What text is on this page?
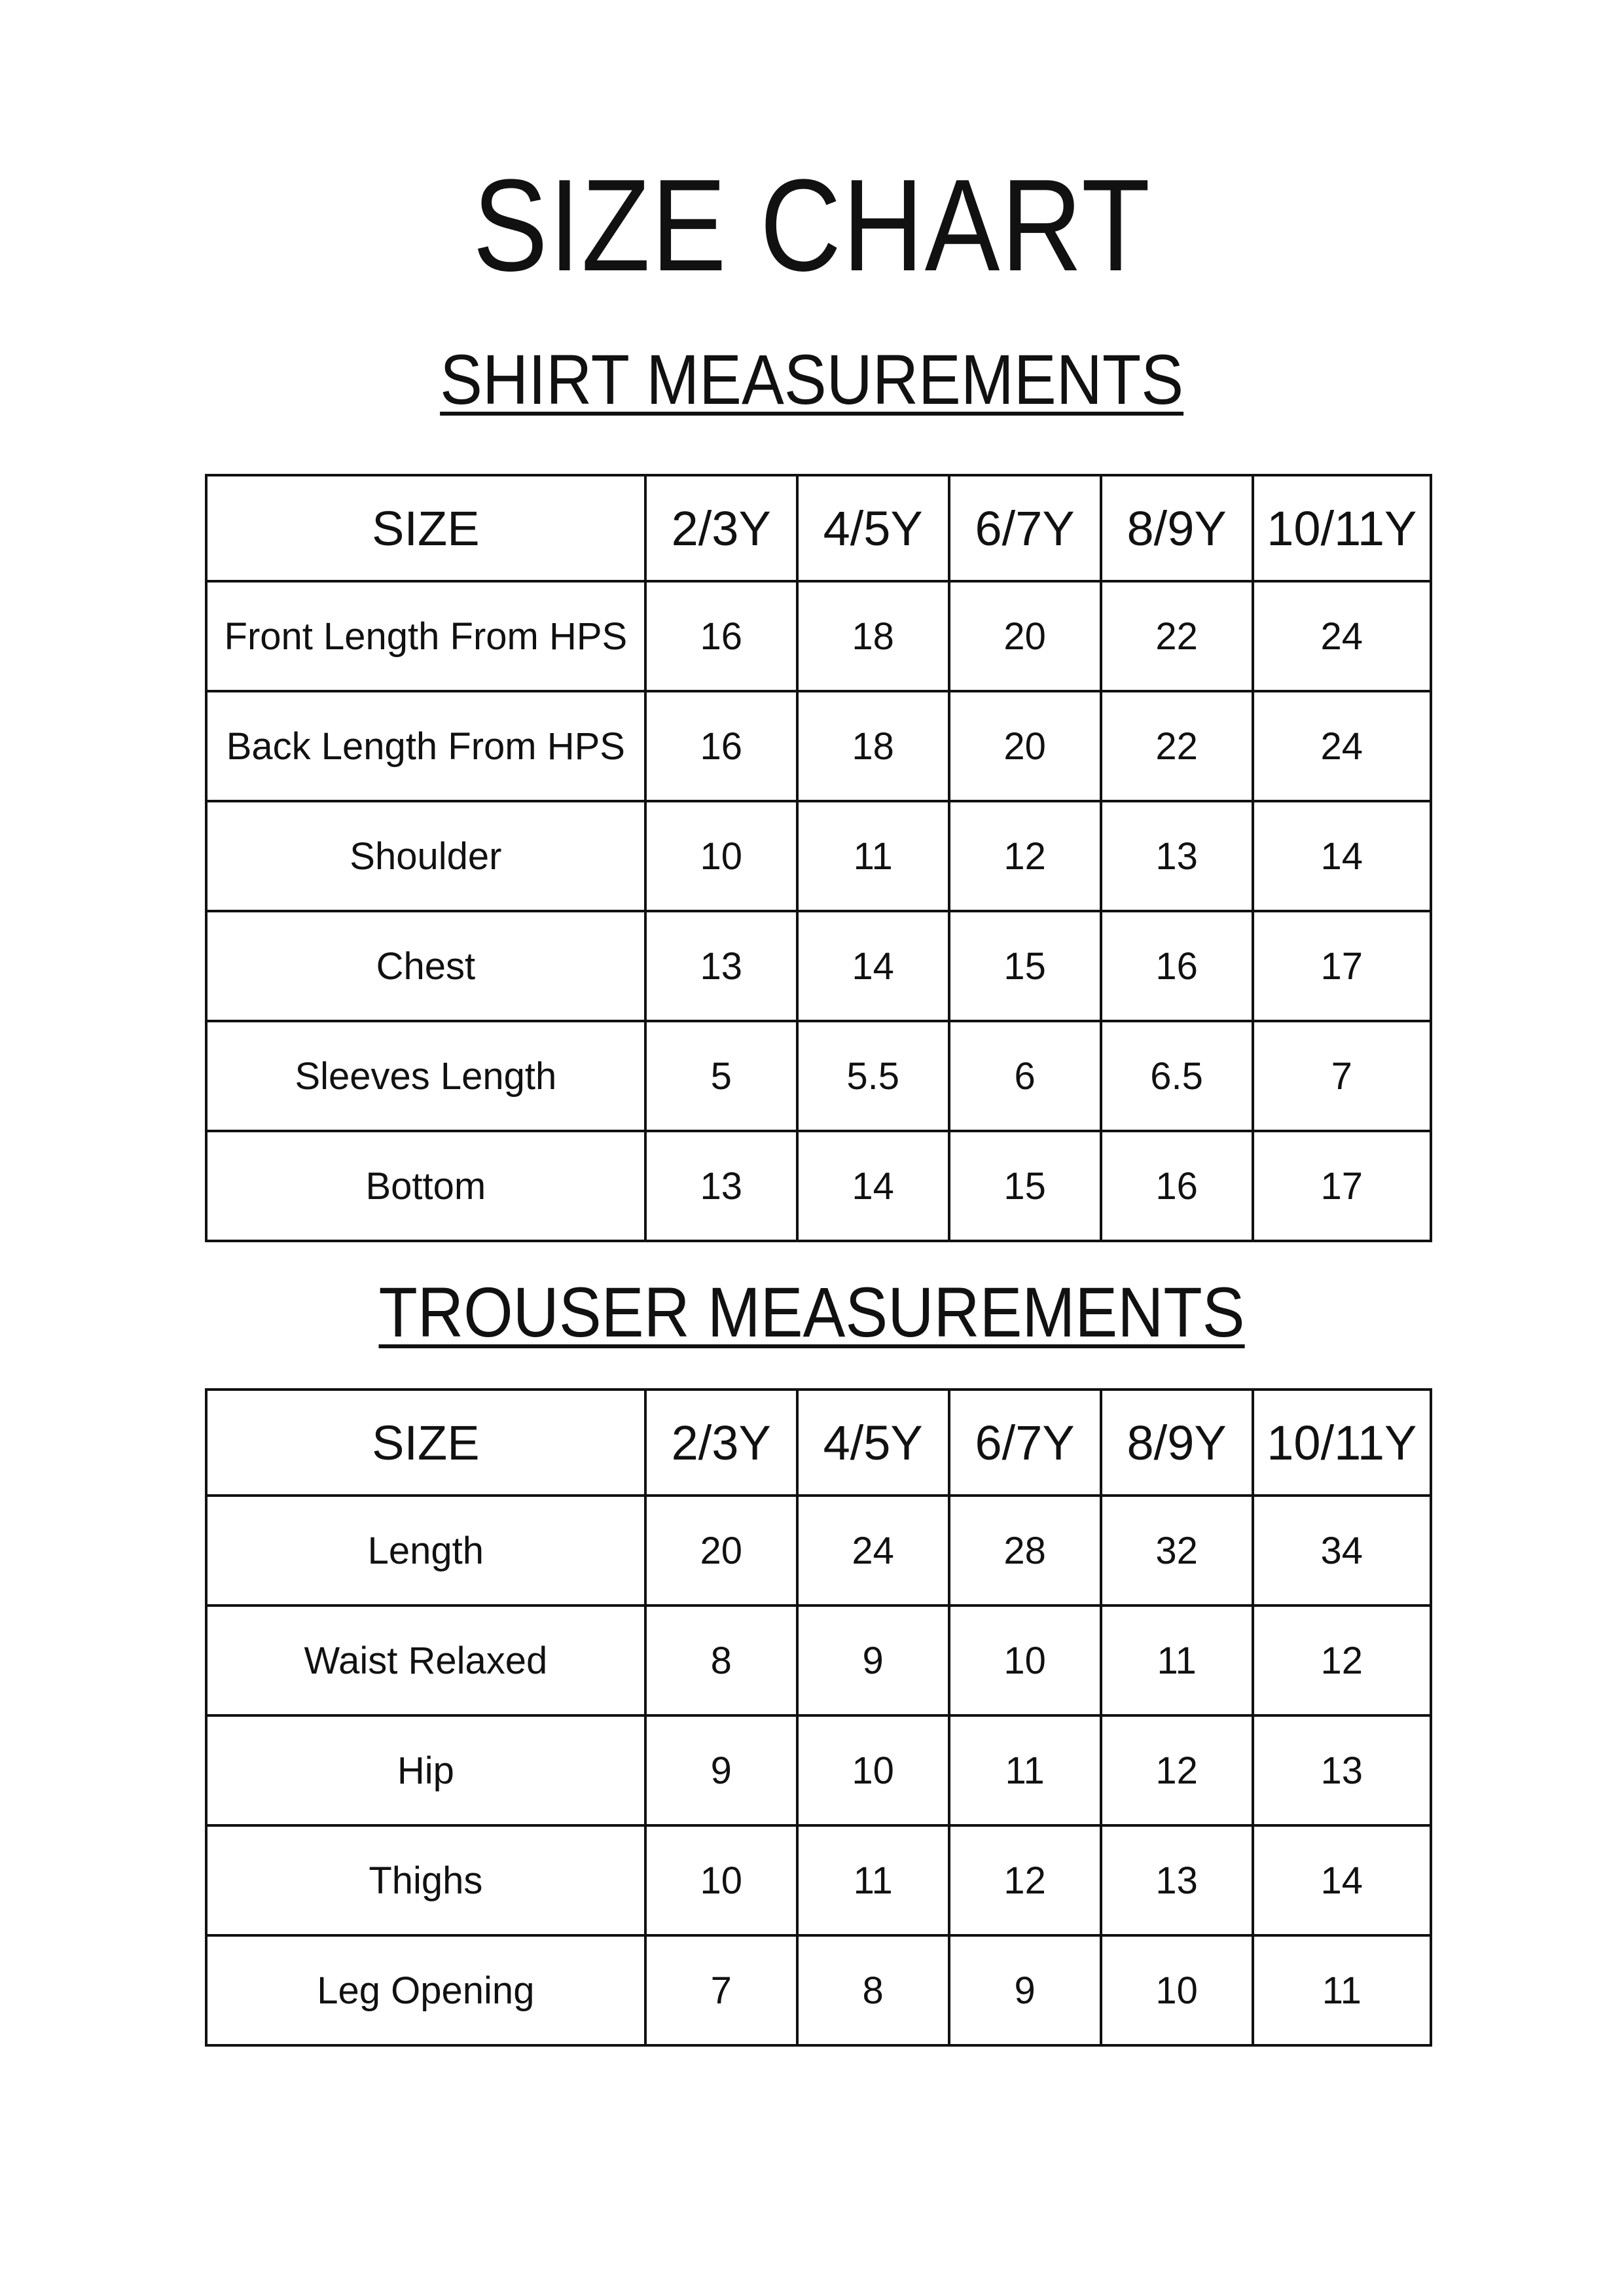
SIZE CHART
SHIRT MEASUREMENTS
SIZE	2/3Y	4/5Y	6/7Y	8/9Y	10/11Y
Front Length From HPS	16	18	20	22	24
Back Length From HPS	16	18	20	22	24
Shoulder	10	11	12	13	14
Chest	13	14	15	16	17
Sleeves Length	5	5.5	6	6.5	7
Bottom	13	14	15	16	17
TROUSER MEASUREMENTS
SIZE	2/3Y	4/5Y	6/7Y	8/9Y	10/11Y
Length	20	24	28	32	34
Waist Relaxed	8	9	10	11	12
Hip	9	10	11	12	13
Thighs	10	11	12	13	14
Leg Opening	7	8	9	10	11
